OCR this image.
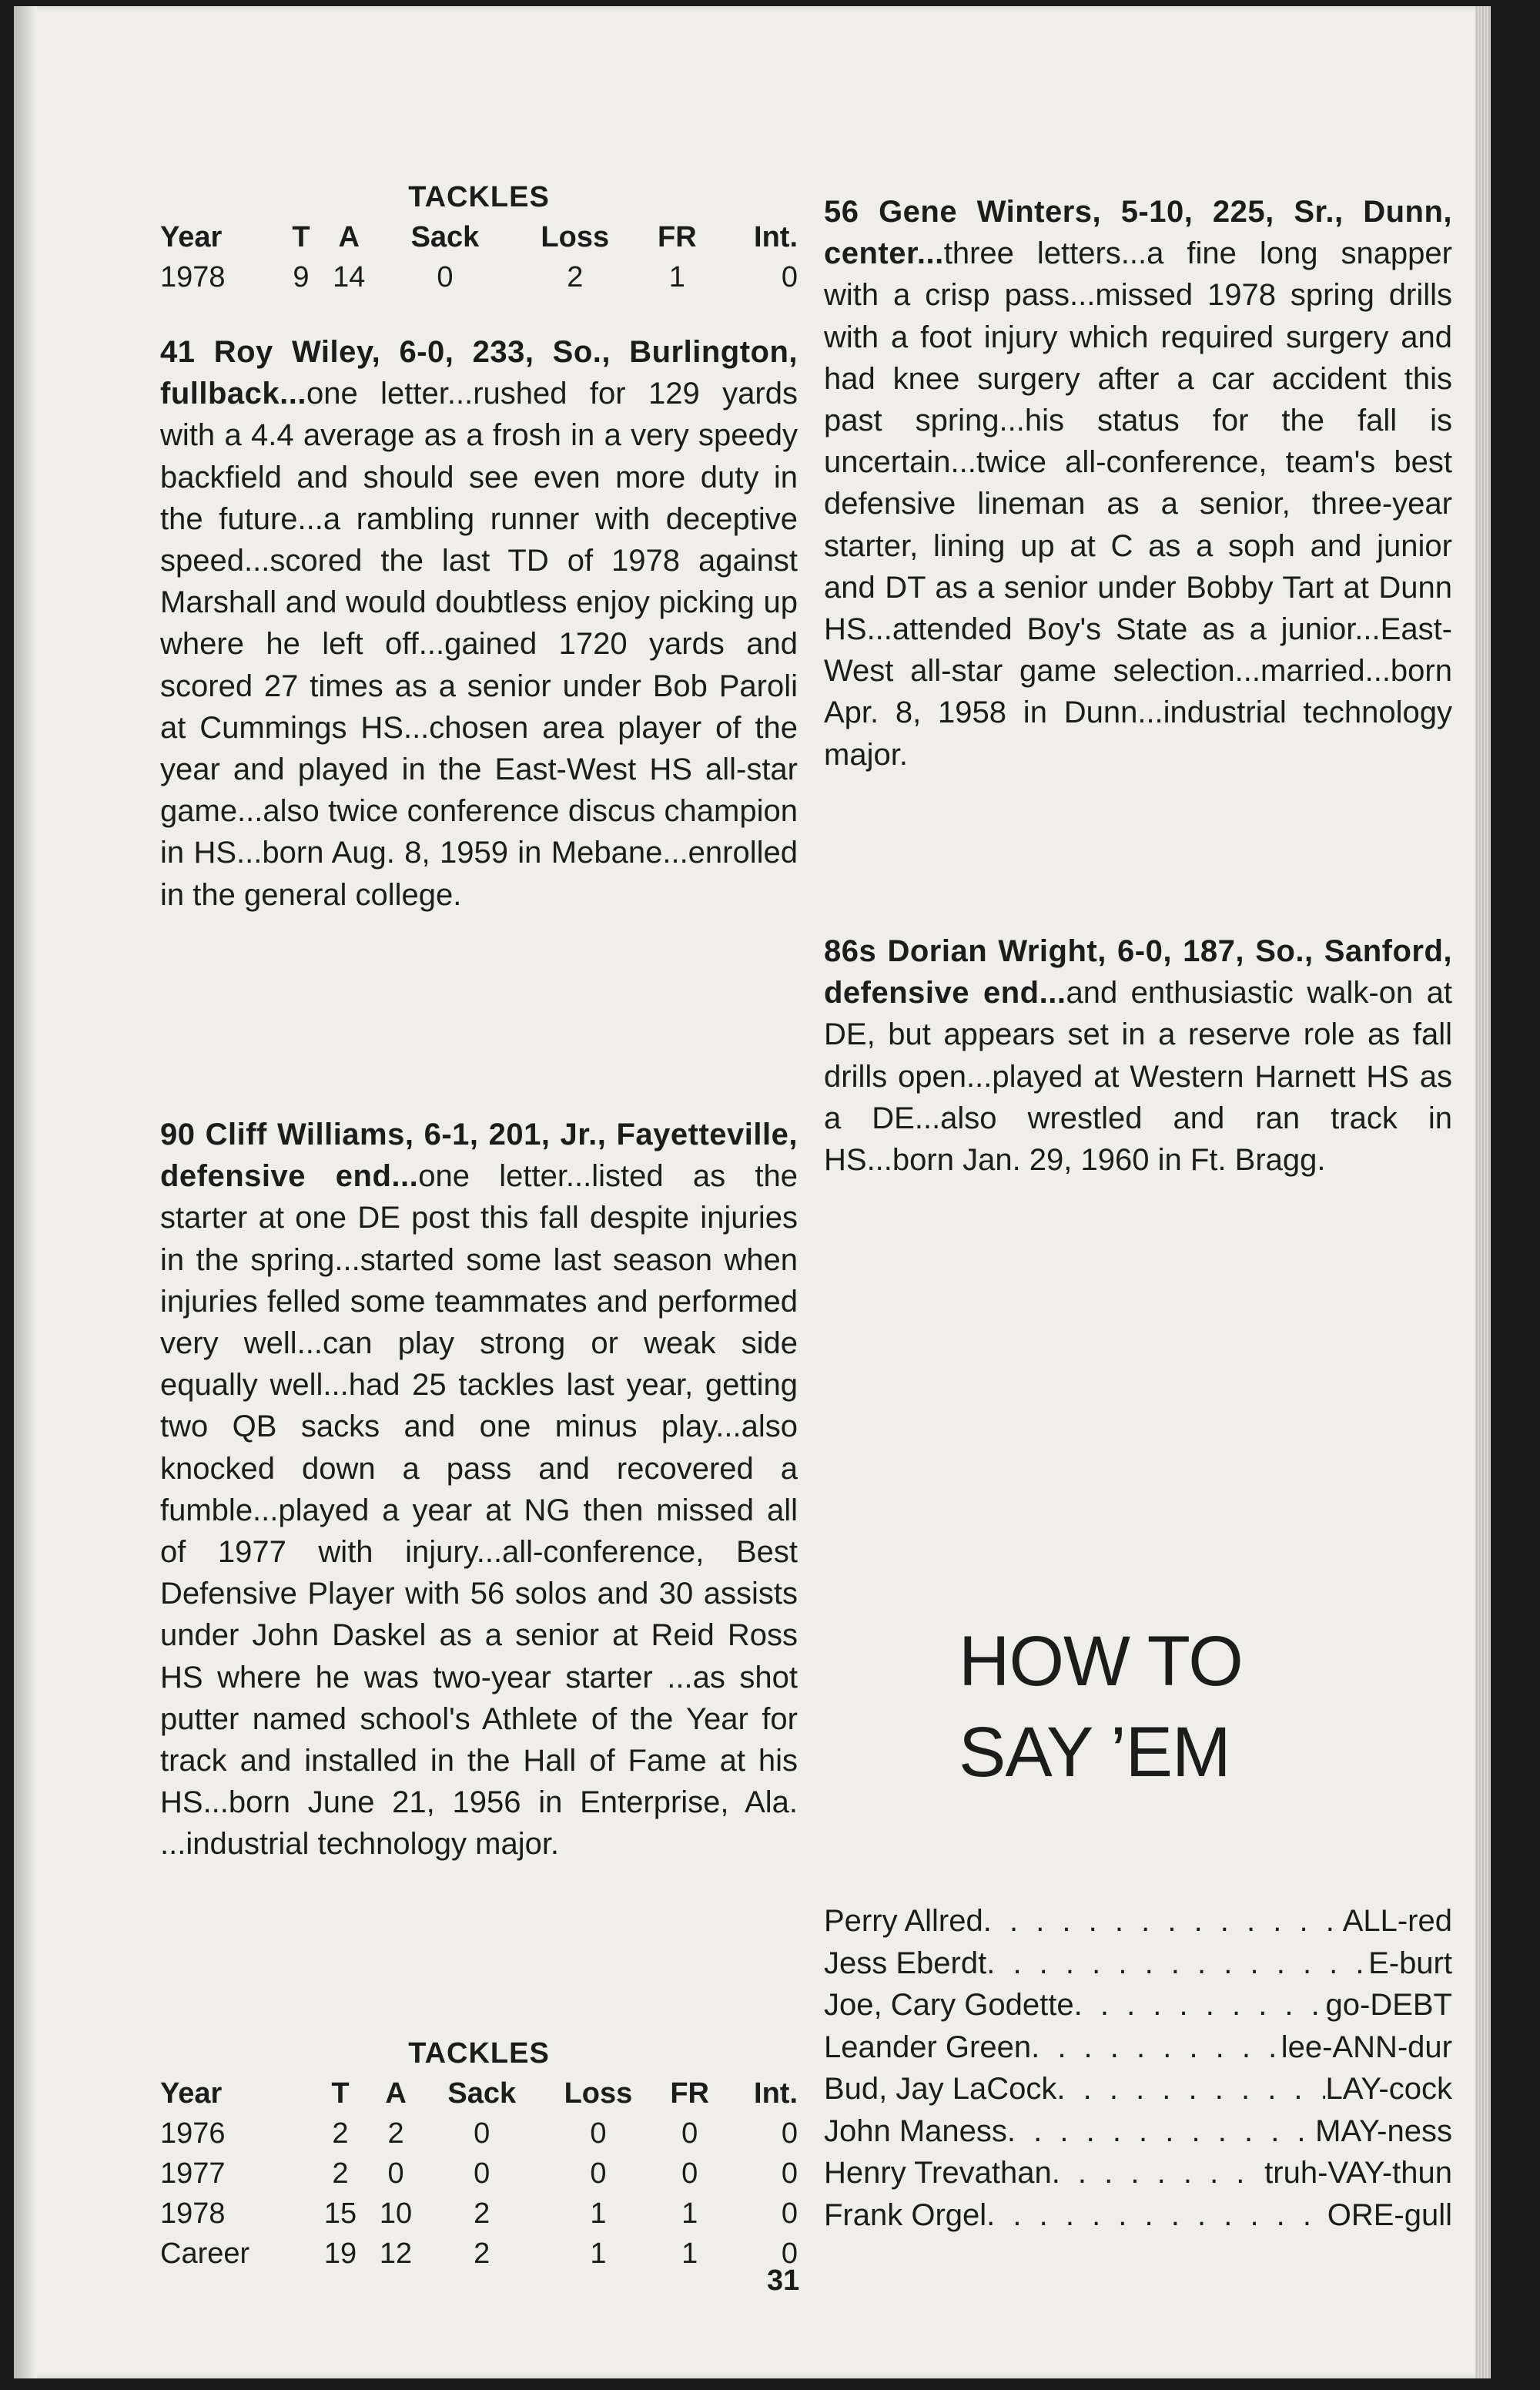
TACKLES
Year	T	A	Sack	Loss	FR	Int.
1978	9	14	0	2	1	0

41 Roy Wiley, 6-0, 233, So., Burlington, fullback...one letter...rushed for 129 yards with a 4.4 average as a frosh in a very speedy backfield and should see even more duty in the future...a rambling runner with deceptive speed...scored the last TD of 1978 against Marshall and would doubtless enjoy picking up where he left off...gained 1720 yards and scored 27 times as a senior under Bob Paroli at Cummings HS...chosen area player of the year and played in the East-West HS all-star game...also twice conference discus champion in HS...born Aug. 8, 1959 in Mebane...enrolled in the general college.

90 Cliff Williams, 6-1, 201, Jr., Fayetteville, defensive end...one letter...listed as the starter at one DE post this fall despite injuries in the spring...started some last season when injuries felled some teammates and performed very well...can play strong or weak side equally well...had 25 tackles last year, getting two QB sacks and one minus play...also knocked down a pass and recovered a fumble...played a year at NG then missed all of 1977 with injury...all-conference, Best Defensive Player with 56 solos and 30 assists under John Daskel as a senior at Reid Ross HS where he was two-year starter ...as shot putter named school's Athlete of the Year for track and installed in the Hall of Fame at his HS...born June 21, 1956 in Enterprise, Ala. ...industrial technology major.

TACKLES
Year	T	A	Sack	Loss	FR	Int.
1976	2	2	0	0	0	0
1977	2	0	0	0	0	0
1978	15	10	2	1	1	0
Career	19	12	2	1	1	0

56 Gene Winters, 5-10, 225, Sr., Dunn, center...three letters...a fine long snapper with a crisp pass...missed 1978 spring drills with a foot injury which required surgery and had knee surgery after a car accident this past spring...his status for the fall is uncertain...twice all-conference, team's best defensive lineman as a senior, three-year starter, lining up at C as a soph and junior and DT as a senior under Bobby Tart at Dunn HS...attended Boy's State as a junior...East-West all-star game selection...married...born Apr. 8, 1958 in Dunn...industrial technology major.

86s Dorian Wright, 6-0, 187, So., Sanford, defensive end...and enthusiastic walk-on at DE, but appears set in a reserve role as fall drills open...played at Western Harnett HS as a DE...also wrestled and ran track in HS...born Jan. 29, 1960 in Ft. Bragg.

HOW TO
SAY ’EM
Perry Allred . . .	ALL-red
Jess Eberdt . . .	E-burt
Joe, Cary Godette . . .	go-DEBT
Leander Green . . .	lee-ANN-dur
Bud, Jay LaCock . . .	LAY-cock
John Maness . . .	MAY-ness
Henry Trevathan . . .	truh-VAY-thun
Frank Orgel . . .	ORE-gull
31
